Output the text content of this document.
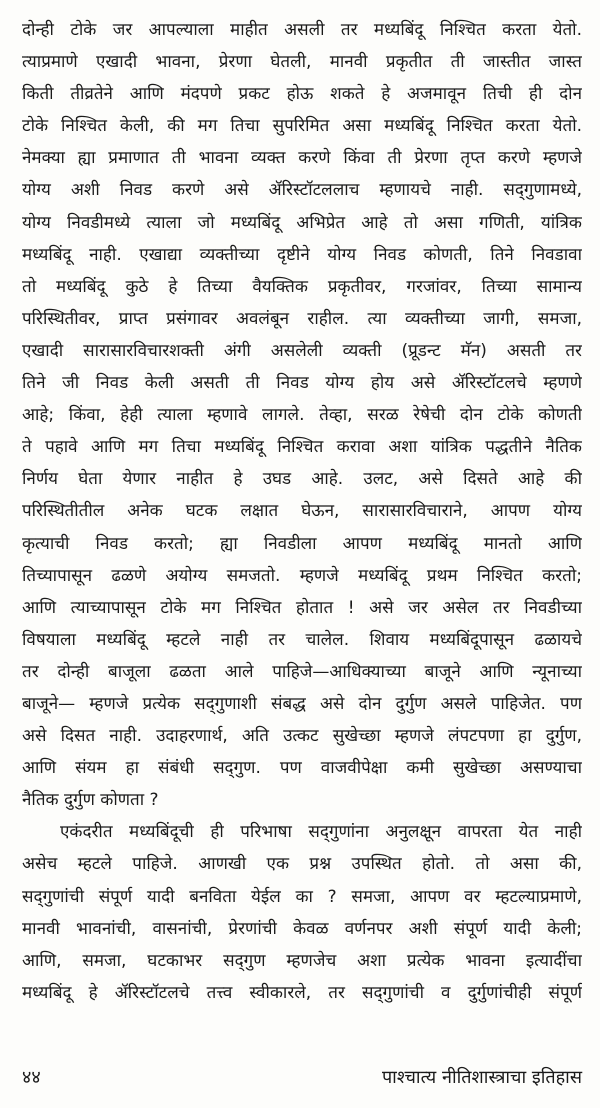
दोन्ही टोके जर आपल्याला माहीत असली तर मध्यबिंदू निश्चित करता येतो.
त्याप्रमाणे एखादी भावना, प्रेरणा घेतली, मानवी प्रकृतीत ती जास्तीत जास्त
किती तीव्रतेने आणि मंदपणे प्रकट होऊ शकते हे अजमावून तिची ही दोन
टोके निश्चित केली, की मग तिचा सुपरिमित असा मध्यबिंदू निश्चित करता येतो.
नेमक्या ह्या प्रमाणात ती भावना व्यक्त करणे किंवा ती प्रेरणा तृप्त करणे म्हणजे
योग्य अशी निवड करणे असे ॲरिस्टॉटललाच म्हणायचे नाही. सद्‌गुणामध्ये,
योग्य निवडीमध्ये त्याला जो मध्यबिंदू अभिप्रेत आहे तो असा गणिती, यांत्रिक
मध्यबिंदू नाही. एखाद्या व्यक्तीच्या दृष्टीने योग्य निवड कोणती, तिने निवडावा
तो मध्यबिंदू कुठे हे तिच्या वैयक्तिक प्रकृतीवर, गरजांवर, तिच्या सामान्य
परिस्थितीवर, प्राप्त प्रसंगावर अवलंबून राहील. त्या व्यक्तीच्या जागी, समजा,
एखादी सारासारविचारशक्ती अंगी असलेली व्यक्ती (प्रूडन्ट मॅन) असती तर
तिने जी निवड केली असती ती निवड योग्य होय असे ॲरिस्टॉटलचे म्हणणे
आहे; किंवा, हेही त्याला म्हणावे लागले. तेव्हा, सरळ रेषेची दोन टोके कोणती
ते पहावे आणि मग तिचा मध्यबिंदू निश्चित करावा अशा यांत्रिक पद्धतीने नैतिक
निर्णय घेता येणार नाहीत हे उघड आहे. उलट, असे दिसते आहे की
परिस्थितीतील अनेक घटक लक्षात घेऊन, सारासारविचाराने, आपण योग्य
कृत्याची निवड करतो; ह्या निवडीला आपण मध्यबिंदू मानतो आणि
तिच्यापासून ढळणे अयोग्य समजतो. म्हणजे मध्यबिंदू प्रथम निश्चित करतो;
आणि त्याच्यापासून टोके मग निश्चित होतात ! असे जर असेल तर निवडीच्या
विषयाला मध्यबिंदू म्हटले नाही तर चालेल. शिवाय मध्यबिंदूपासून ढळायचे
तर दोन्ही बाजूला ढळता आले पाहिजे—आधिक्याच्या बाजूने आणि न्यूनाच्या
बाजूने— म्हणजे प्रत्येक सद्‌गुणाशी संबद्ध असे दोन दुर्गुण असले पाहिजेत. पण
असे दिसत नाही. उदाहरणार्थ, अति उत्कट सुखेच्छा म्हणजे लंपटपणा हा दुर्गुण,
आणि संयम हा संबंधी सद्‌गुण. पण वाजवीपेक्षा कमी सुखेच्छा असण्याचा
नैतिक दुर्गुण कोणता ?
एकंदरीत मध्यबिंदूची ही परिभाषा सद्‌गुणांना अनुलक्षून वापरता येत नाही
असेच म्हटले पाहिजे. आणखी एक प्रश्न उपस्थित होतो. तो असा की,
सद्‌गुणांची संपूर्ण यादी बनविता येईल का ? समजा, आपण वर म्हटल्याप्रमाणे,
मानवी भावनांची, वासनांची, प्रेरणांची केवळ वर्णनपर अशी संपूर्ण यादी केली;
आणि, समजा, घटकाभर सद्‌गुण म्हणजेच अशा प्रत्येक भावना इत्यादींचा
मध्यबिंदू हे ॲरिस्टॉटलचे तत्त्व स्वीकारले, तर सद्‌गुणांची व दुर्गुणांचीही संपूर्ण
४४	पाश्चात्य नीतिशास्त्राचा इतिहास
